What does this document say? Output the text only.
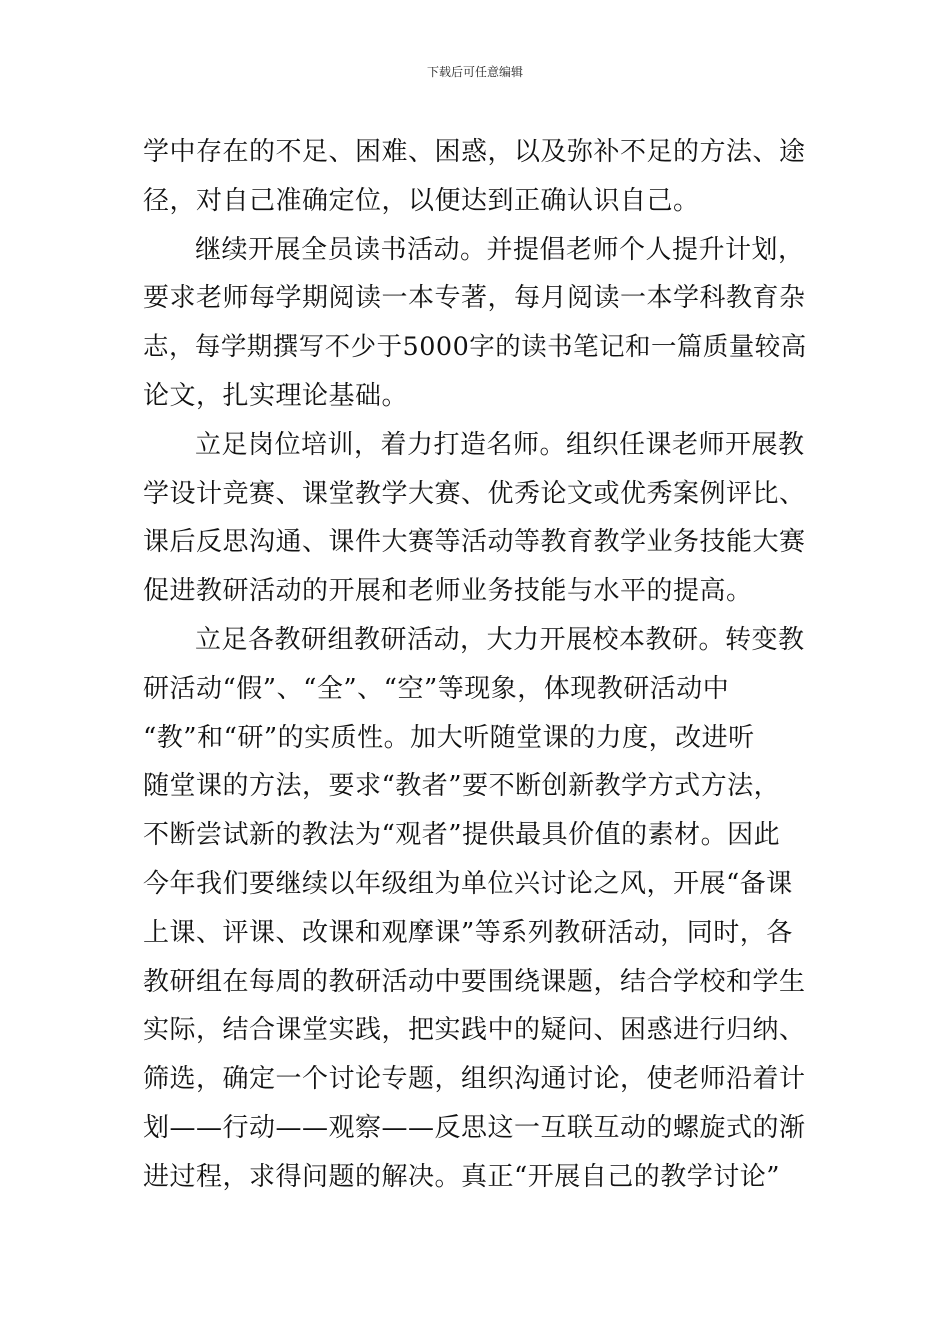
下载后可任意编辑
学中存在的不足、困难、困惑，以及弥补不足的方法、途
径，对自己准确定位，以便达到正确认识自己。
继续开展全员读书活动。并提倡老师个人提升计划，
要求老师每学期阅读一本专著，每月阅读一本学科教育杂
志，每学期撰写不少于5000字的读书笔记和一篇质量较高
论文，扎实理论基础。
立足岗位培训，着力打造名师。组织任课老师开展教
学设计竞赛、课堂教学大赛、优秀论文或优秀案例评比、
课后反思沟通、课件大赛等活动等教育教学业务技能大赛
促进教研活动的开展和老师业务技能与水平的提高。
立足各教研组教研活动，大力开展校本教研。转变教
研活动“假”、“全”、“空”等现象，体现教研活动中
“教”和“研”的实质性。加大听随堂课的力度，改进听
随堂课的方法，要求“教者”要不断创新教学方式方法，
不断尝试新的教法为“观者”提供最具价值的素材。因此
今年我们要继续以年级组为单位兴讨论之风，开展“备课
上课、评课、改课和观摩课”等系列教研活动，同时，各
教研组在每周的教研活动中要围绕课题，结合学校和学生
实际，结合课堂实践，把实践中的疑问、困惑进行归纳、
筛选，确定一个讨论专题，组织沟通讨论，使老师沿着计
划——行动——观察——反思这一互联互动的螺旋式的渐
进过程，求得问题的解决。真正“开展自己的教学讨论”
